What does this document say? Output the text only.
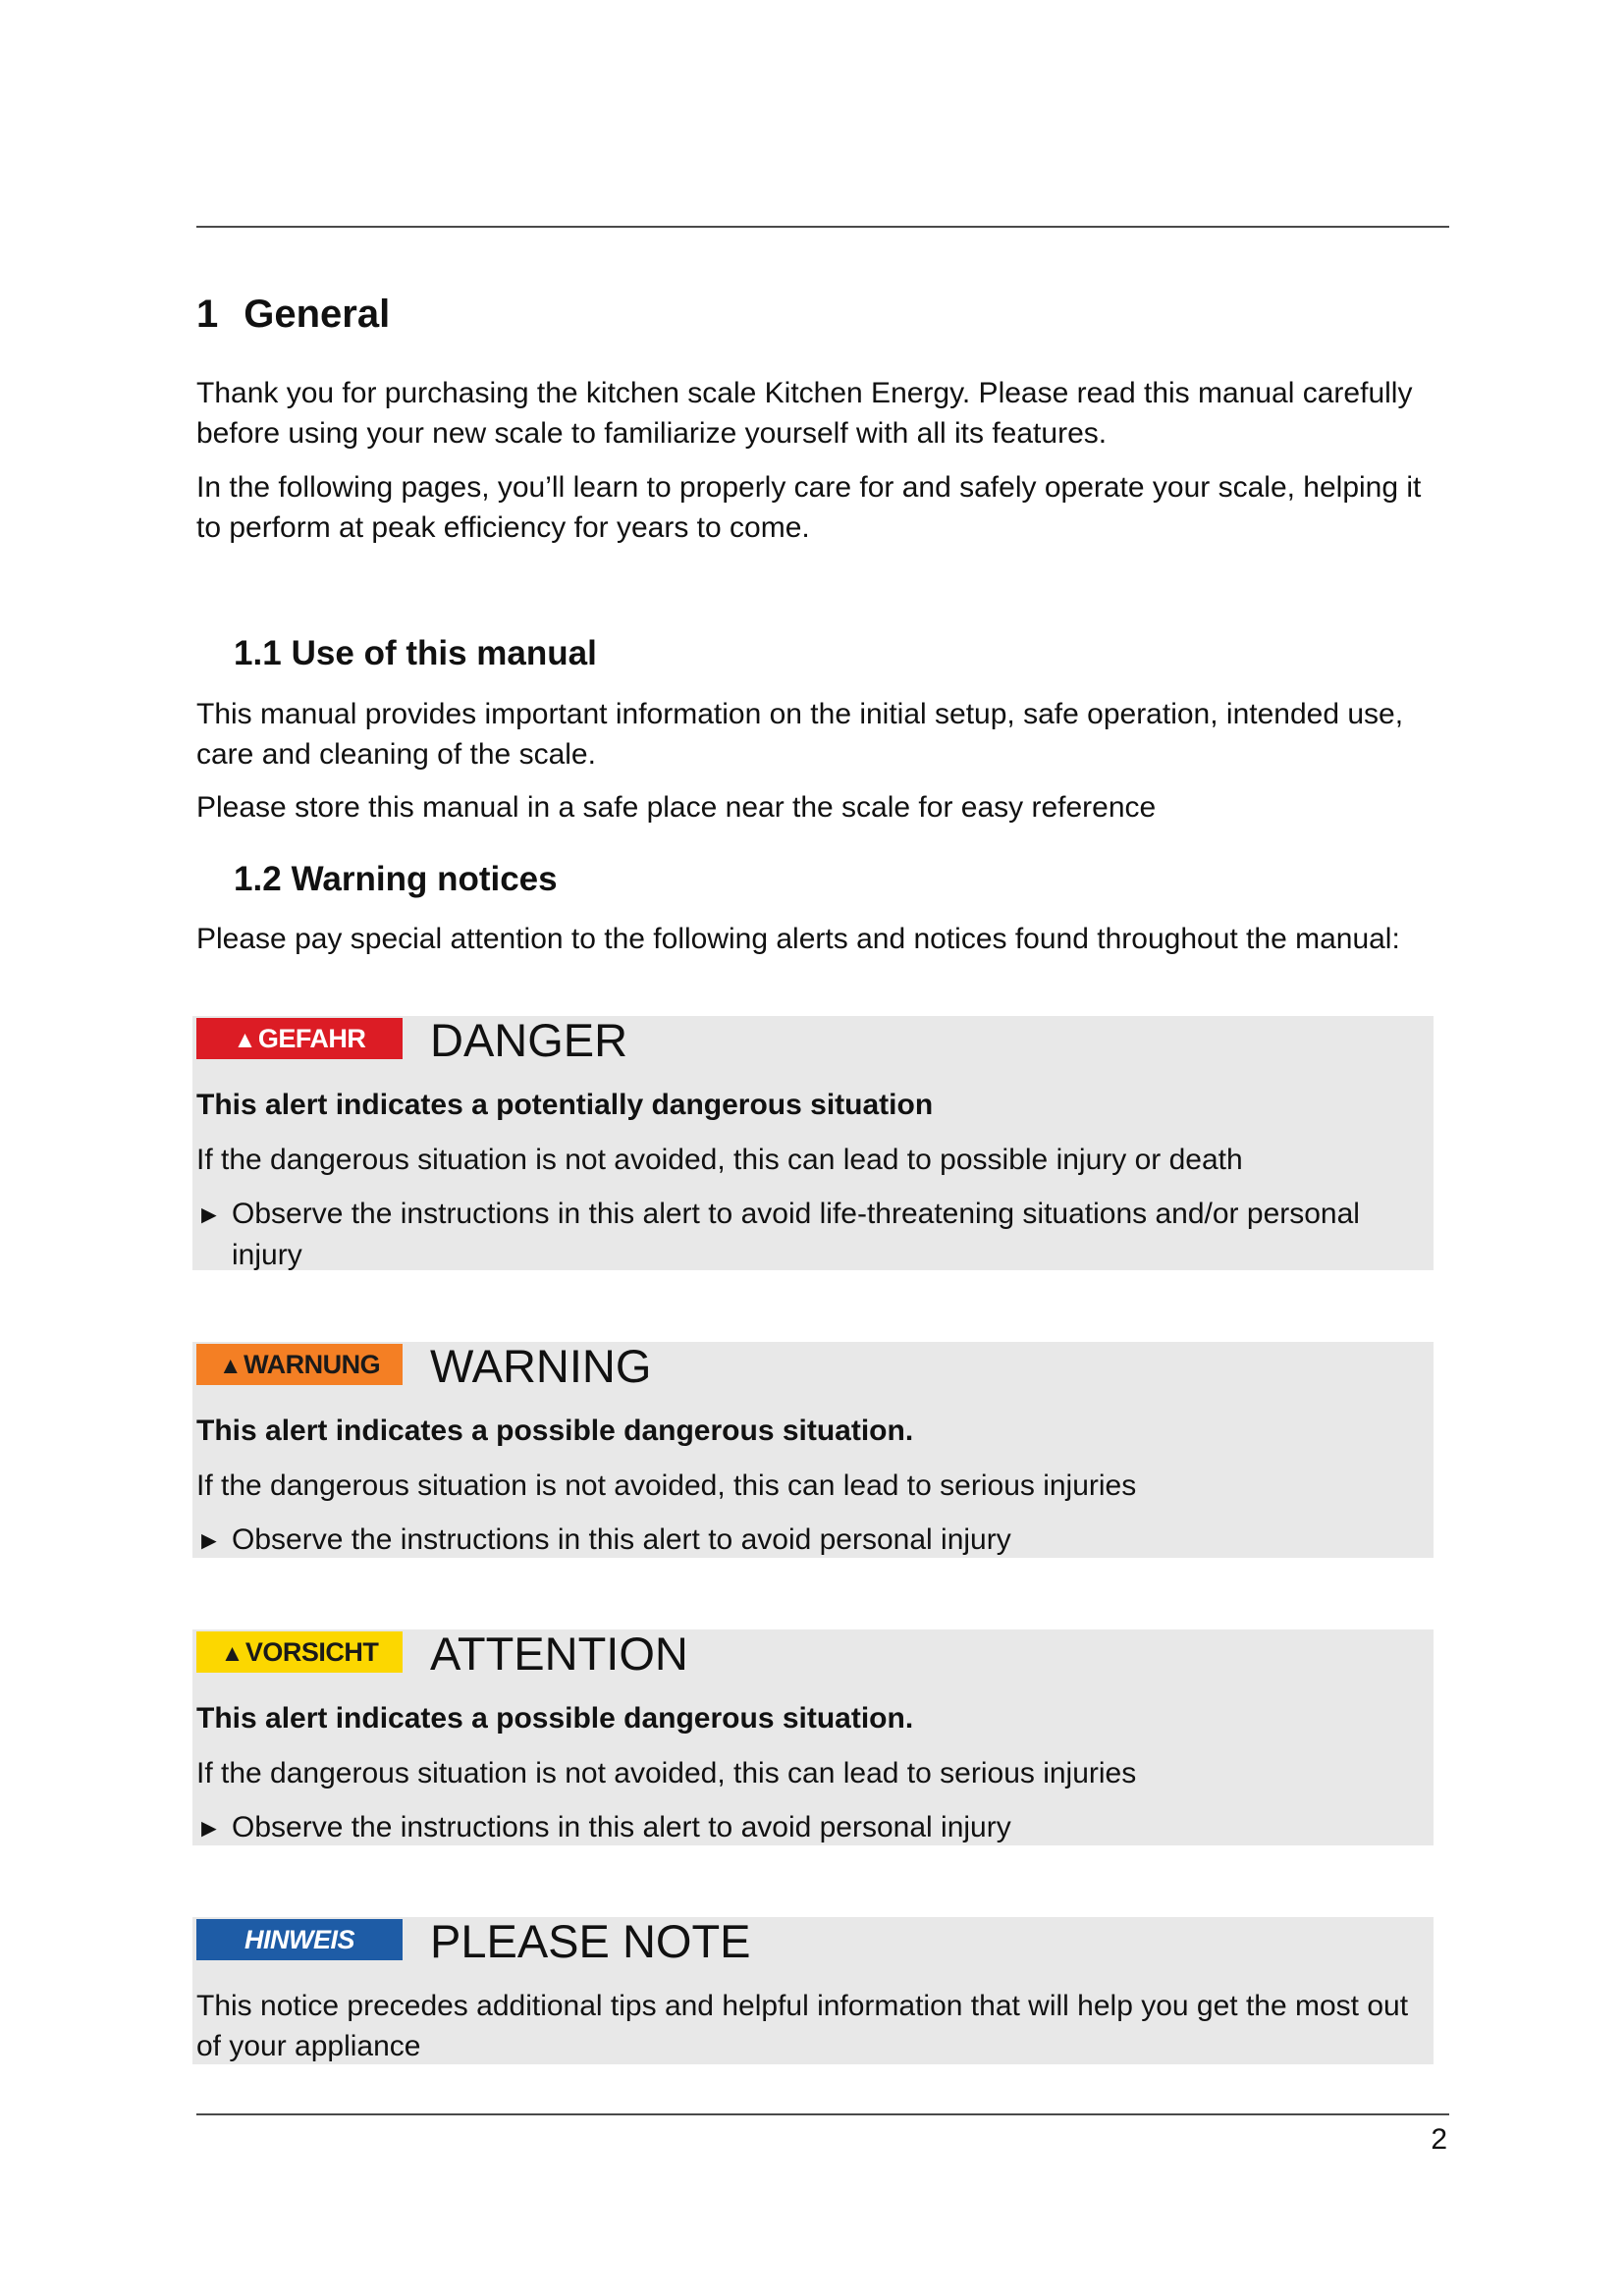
1 General

Thank you for purchasing the kitchen scale Kitchen Energy. Please read this manual carefully before using your new scale to familiarize yourself with all its features.

In the following pages, you’ll learn to properly care for and safely operate your scale, helping it to perform at peak efficiency for years to come.

1.1 Use of this manual

This manual provides important information on the initial setup, safe operation, intended use, care and cleaning of the scale.

Please store this manual in a safe place near the scale for easy reference

1.2 Warning notices

Please pay special attention to the following alerts and notices found throughout the manual:

▲GEFAHR	DANGER
This alert indicates a potentially dangerous situation
If the dangerous situation is not avoided, this can lead to possible injury or death
► Observe the instructions in this alert to avoid life-threatening situations and/or personal injury
▲WARNUNG	WARNING
This alert indicates a possible dangerous situation.
If the dangerous situation is not avoided, this can lead to serious injuries
► Observe the instructions in this alert to avoid personal injury
▲VORSICHT	ATTENTION
This alert indicates a possible dangerous situation.
If the dangerous situation is not avoided, this can lead to serious injuries
► Observe the instructions in this alert to avoid personal injury
HINWEIS	PLEASE NOTE
This notice precedes additional tips and helpful information that will help you get the most out of your appliance
2
